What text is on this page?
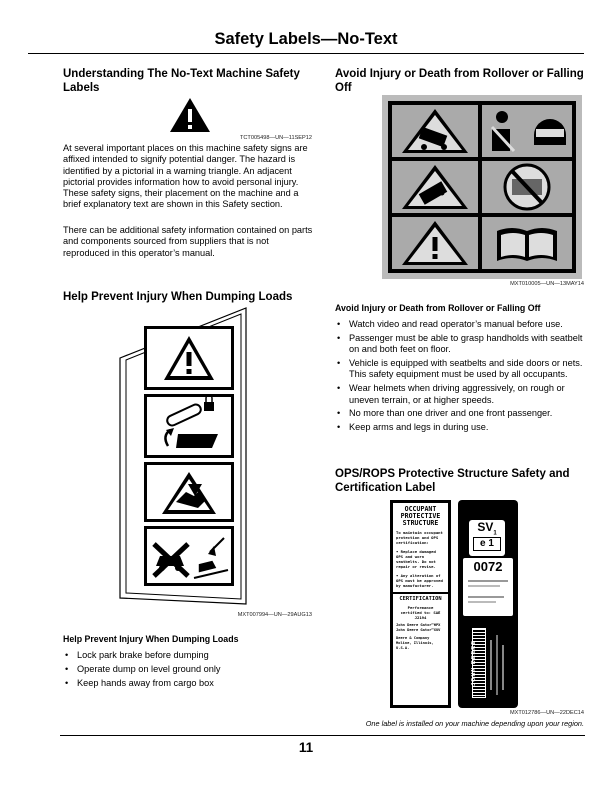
Safety Labels—No-Text
Understanding The No-Text Machine Safety Labels
TCT005498—UN—11SEP12
At several important places on this machine safety signs are affixed intended to signify potential danger. The hazard is identified by a pictorial in a warning triangle. An adjacent pictorial provides information how to avoid personal injury. These safety signs, their placement on the machine and a brief explanatory text are shown in this Safety section.
There can be additional safety information contained on parts and components sourced from suppliers that is not reproduced in this operator’s manual.
Help Prevent Injury When Dumping Loads
MXT007994—UN—29AUG13
Help Prevent Injury When Dumping Loads
• Lock park brake before dumping
• Operate dump on level ground only
• Keep hands away from cargo box
Avoid Injury or Death from Rollover or Falling Off
MXT010005—UN—13MAY14
Avoid Injury or Death from Rollover or Falling Off
• Watch video and read operator’s manual before use.
• Passenger must be able to grasp handholds with seatbelt on and both feet on floor.
• Vehicle is equipped with seatbelts and side doors or nets. This safety equipment must be used by all occupants.
• Wear helmets when driving aggressively, on rough or uneven terrain, or at higher speeds.
• No more than one driver and one front passenger.
• Keep arms and legs in during use.
OPS/ROPS Protective Structure Safety and Certification Label
OCCUPANT
PROTECTIVE
STRUCTURE
To maintain occupant protection and OPS certification:
• Replace damaged OPS and worn seatbelts. Do not repair or revise.
• Any alteration of OPS must be approved by manufacturer.
CERTIFICATION
Performance certified to: SAE J2194
John Deere Gator™HPX
John Deere Gator™XUV
Deere & Company Moline, Illinois, U.S.A.
$SV_1$
e 1
0072
JOHN DEERE
MXT012786—UN—22DEC14
One label is installed on your machine depending upon your region.
11
